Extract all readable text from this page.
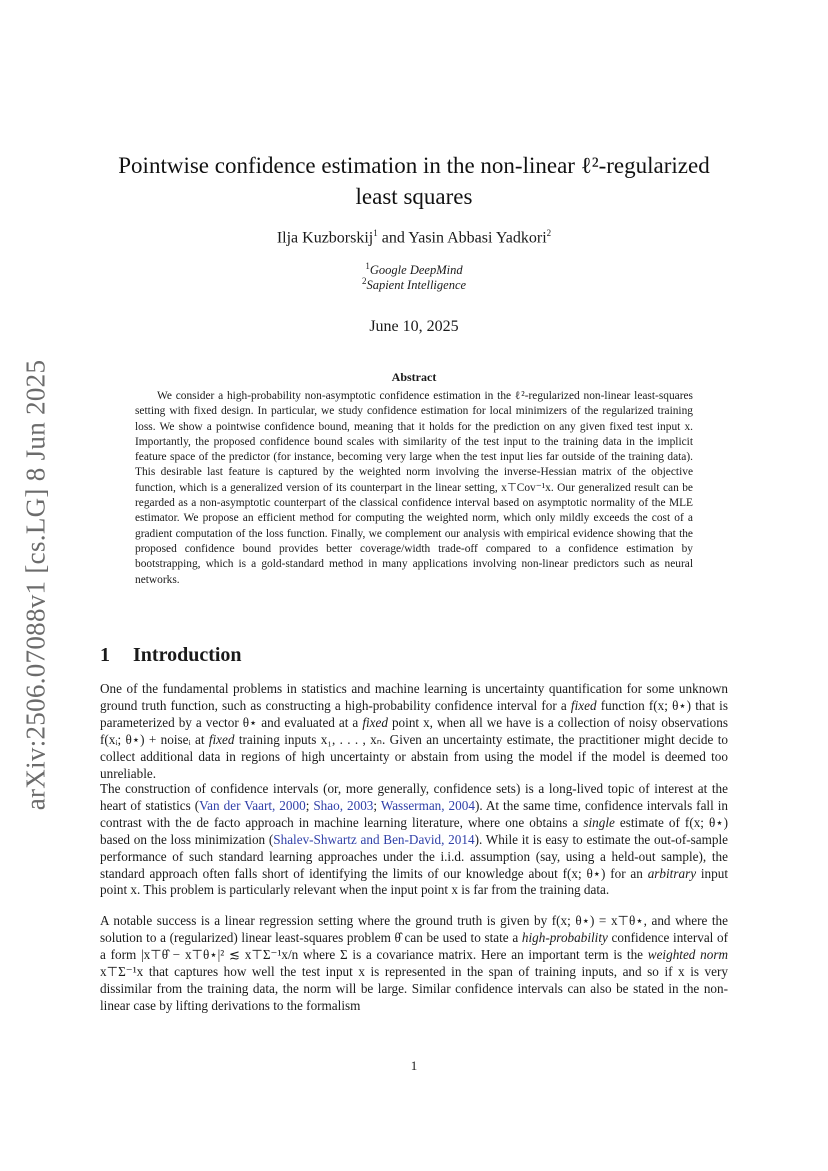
arXiv:2506.07088v1 [cs.LG] 8 Jun 2025
Pointwise confidence estimation in the non-linear ℓ²-regularized
least squares
Ilja Kuzborskij$^1$ and Yasin Abbasi Yadkori$^2$
$^1$Google DeepMind
$^2$Sapient Intelligence
June 10, 2025
Abstract

We consider a high-probability non-asymptotic confidence estimation in the ℓ²-regularized non-linear least-squares setting with fixed design. In particular, we study confidence estimation for local minimizers of the regularized training loss. We show a pointwise confidence bound, meaning that it holds for the prediction on any given fixed test input x. Importantly, the proposed confidence bound scales with similarity of the test input to the training data in the implicit feature space of the predictor (for instance, becoming very large when the test input lies far outside of the training data). This desirable last feature is captured by the weighted norm involving the inverse-Hessian matrix of the objective function, which is a generalized version of its counterpart in the linear setting, x⊤Cov⁻¹x. Our generalized result can be regarded as a non-asymptotic counterpart of the classical confidence interval based on asymptotic normality of the MLE estimator. We propose an efficient method for computing the weighted norm, which only mildly exceeds the cost of a gradient computation of the loss function. Finally, we complement our analysis with empirical evidence showing that the proposed confidence bound provides better coverage/width trade-off compared to a confidence estimation by bootstrapping, which is a gold-standard method in many applications involving non-linear predictors such as neural networks.

1 Introduction

One of the fundamental problems in statistics and machine learning is uncertainty quantification for some unknown ground truth function, such as constructing a high-probability confidence interval for a fixed function f(x; θ⋆) that is parameterized by a vector θ⋆ and evaluated at a fixed point x, when all we have is a collection of noisy observations f(xᵢ; θ⋆) + noiseᵢ at fixed training inputs x₁, . . . , xₙ. Given an uncertainty estimate, the practitioner might decide to collect additional data in regions of high uncertainty or abstain from using the model if the model is deemed too unreliable.

The construction of confidence intervals (or, more generally, confidence sets) is a long-lived topic of interest at the heart of statistics (Van der Vaart, 2000; Shao, 2003; Wasserman, 2004). At the same time, confidence intervals fall in contrast with the de facto approach in machine learning literature, where one obtains a single estimate of f(x; θ⋆) based on the loss minimization (Shalev-Shwartz and Ben-David, 2014). While it is easy to estimate the out-of-sample performance of such standard learning approaches under the i.i.d. assumption (say, using a held-out sample), the standard approach often falls short of identifying the limits of our knowledge about f(x; θ⋆) for an arbitrary input point x. This problem is particularly relevant when the input point x is far from the training data.

A notable success is a linear regression setting where the ground truth is given by f(x; θ⋆) = x⊤θ⋆, and where the solution to a (regularized) linear least-squares problem θ̂ can be used to state a high-probability confidence interval of a form |x⊤θ̂ − x⊤θ⋆|² ≲ x⊤Σ⁻¹x/n where Σ is a covariance matrix. Here an important term is the weighted norm x⊤Σ⁻¹x that captures how well the test input x is represented in the span of training inputs, and so if x is very dissimilar from the training data, the norm will be large. Similar confidence intervals can also be stated in the non-linear case by lifting derivations to the formalism

1
